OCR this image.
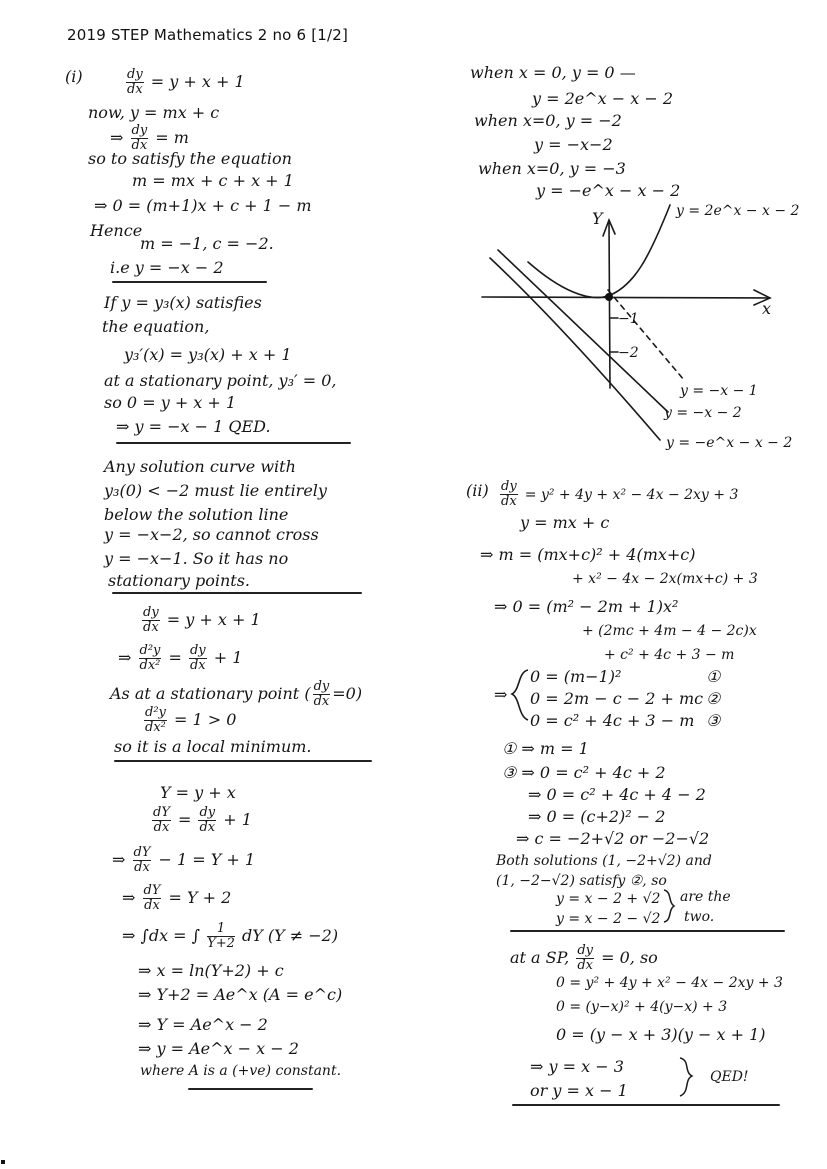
2019 STEP Mathematics 2 no 6 [1/2]
(i)	$\frac{dy}{dx} = y + x + 1$
now, y = mx + c
⇒ $\frac{dy}{dx} = m$
so to satisfy the equation
m = mx + c + x + 1
⇒ 0 = (m+1)x + c + 1 − m
Hence
m = −1, c = −2.
i.e y = −x − 2
If y = y₃(x) satisfies
the equation,
y₃′(x) = y₃(x) + x + 1
at a stationary point, y₃′ = 0,
so 0 = y + x + 1
⇒ y = −x − 1 QED.
Any solution curve with
y₃(0) < −2 must lie entirely
below the solution line
y = −x−2, so cannot cross
y = −x−1. So it has no
stationary points.
$\frac{dy}{dx} = y + x + 1$
⇒ $\frac{\text{d²y}}{\text{dx²}} = \frac{dy}{dx} + 1$
As at a stationary point ( $\frac{dy}{dx} =0$)
$\frac{\text{d²y}}{\text{dx²}} = 1 > 0$
so it is a local minimum.
Y = y + x
$\frac{dY}{dx} = \frac{dy}{dx} + 1$
⇒ $\frac{dY}{dx} - 1 = Y + 1$
⇒ $\frac{dY}{dx} = Y + 2$
⇒ ∫dx = ∫ $\frac{1}{Y+2}$ dY (Y ≠ −2)
⇒ x = ln(Y+2) + c
⇒ Y+2 = Ae^x (A = e^c)
⇒ Y = Ae^x − 2
⇒ y = Ae^x − x − 2
where A is a (+ve) constant.
when x = 0, y = 0 —
y = 2e^x − x − 2
when x=0, y = −2
y = −x−2
when x=0, y = −3
y = −e^x − x − 2
Y
x
y = 2e^x − x − 2
−1
−2
y = −x − 1
y = −x − 2
y = −e^x − x − 2
$(ii) \frac{dy}{dx} = y^2 + 4y + x^2 - 4x - 2xy + 3$
y = mx + c
⇒ m = (mx+c)² + 4(mx+c)
+ x² − 4x − 2x(mx+c) + 3
⇒ 0 = (m² − 2m + 1)x²
+ (2mc + 4m − 4 − 2c)x
+ c² + 4c + 3 − m
⇒
0 = (m−1)²
0 = 2m − c − 2 + mc
0 = c² + 4c + 3 − m
①
②
③
① ⇒ m = 1
③ ⇒ 0 = c² + 4c + 2
⇒ 0 = c² + 4c + 4 − 2
⇒ 0 = (c+2)² − 2
⇒ c = −2+√2 or −2−√2
Both solutions (1, −2+√2) and
(1, −2−√2) satisfy ②, so
y = x − 2 + √2
y = x − 2 − √2
are the
two.
at a SP, $\frac{dy}{dx} = 0$, so
0 = y² + 4y + x² − 4x − 2xy + 3
0 = (y−x)² + 4(y−x) + 3
0 = (y − x + 3)(y − x + 1)
⇒ y = x − 3
or y = x − 1
QED!
